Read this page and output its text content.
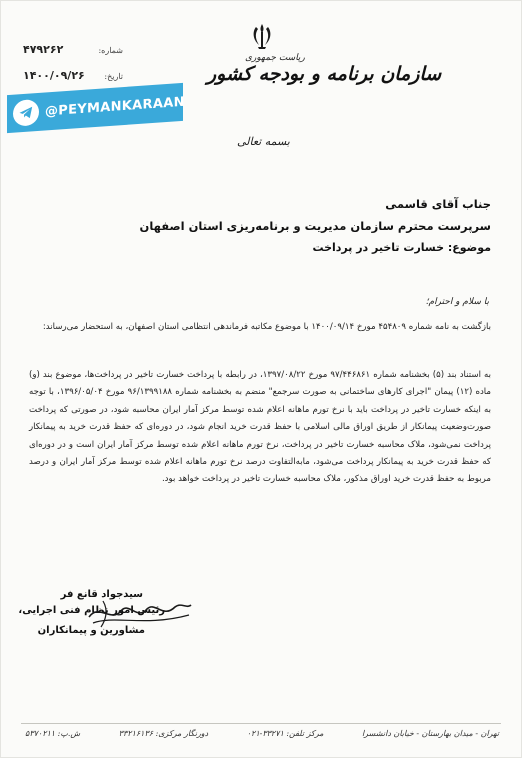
شماره:
۴۷۹۲۶۲
تاریخ:
۱۴۰۰/۰۹/۲۶
@PEYMANKARAAN
ریاست جمهوری
سازمان برنامه و بودجه کشور
بسمه تعالی
جناب آقای قاسمی
سرپرست محترم سازمان مدیریت و برنامه‌ریزی استان اصفهان
موضوع: خسارت تاخیر در پرداخت
با سلام و احترام؛

بازگشت به نامه شماره ۴۵۴۸۰۹ مورخ ۱۴۰۰/۰۹/۱۴ با موضوع مکاتبه فرماندهی انتظامی استان اصفهان، به استحضار می‌رساند:

به استناد بند (۵) بخشنامه شماره ۹۷/۴۴۶۸۶۱ مورخ ۱۳۹۷/۰۸/۲۲، در رابطه با پرداخت خسارت تاخیر در پرداخت‌ها، موضوع بند (و) ماده (۱۲) پیمان "اجرای کارهای ساختمانی به صورت سرجمع" منضم به بخشنامه شماره ۹۶/۱۳۹۹۱۸۸ مورخ ۱۳۹۶/۰۵/۰۴، با توجه به اینکه خسارت تاخیر در پرداخت باید با نرخ تورم ماهانه اعلام شده توسط مرکز آمار ایران محاسبه شود، در صورتی که پرداخت صورت‌وضعیت پیمانکار از طریق اوراق مالی اسلامی با حفظ قدرت خرید انجام شود، در دوره‌ای که حفظ قدرت خرید به پیمانکار پرداخت نمی‌شود، ملاک محاسبه خسارت تاخیر در پرداخت، نرخ تورم ماهانه اعلام شده توسط مرکز آمار ایران است و در دوره‌ای که حفظ قدرت خرید به پیمانکار پرداخت می‌شود، مابه‌التفاوت درصد نرخ تورم ماهانه اعلام شده توسط مرکز آمار ایران و درصد مربوط به حفظ قدرت خرید اوراق مذکور، ملاک محاسبه خسارت تاخیر در پرداخت خواهد بود.

سیدجواد قانع فر
رئیس امور نظام فنی اجرایی،
مشاورین و پیمانکاران
تهران - میدان بهارستان - خیابان دانشسرا
مرکز تلفن: ۳۳۲۷۱-۰۲۱
دورنگار مرکزی: ۳۳۲۱۶۱۳۶
ش.پ: ۵۳۷۰۲۱۱
